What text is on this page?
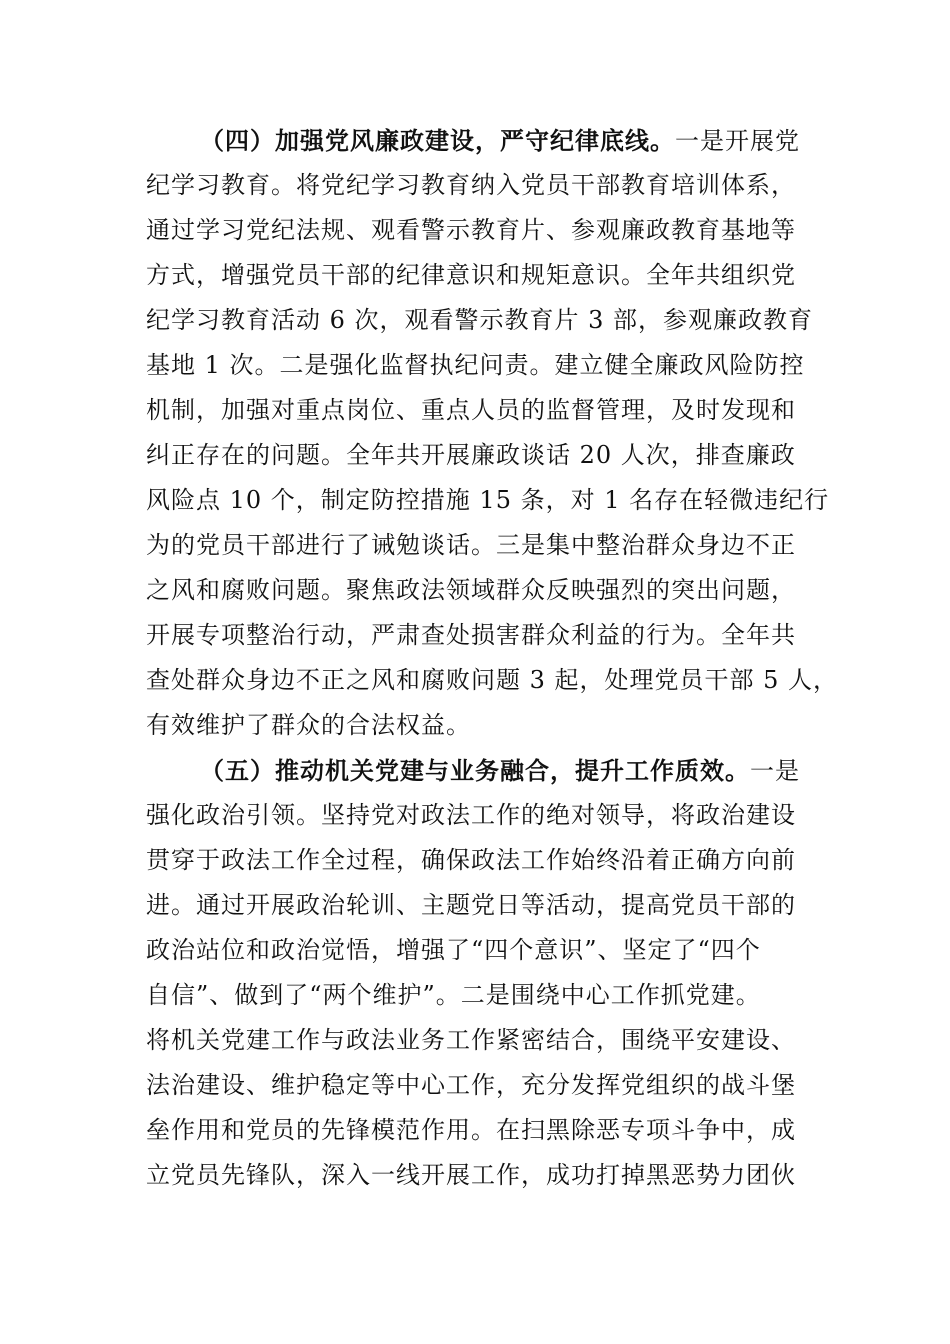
（四）加强党风廉政建设，严守纪律底线。一是开展党
纪学习教育。将党纪学习教育纳入党员干部教育培训体系，
通过学习党纪法规、观看警示教育片、参观廉政教育基地等
方式，增强党员干部的纪律意识和规矩意识。全年共组织党
纪学习教育活动 6 次，观看警示教育片 3 部，参观廉政教育
基地 1 次。二是强化监督执纪问责。建立健全廉政风险防控
机制，加强对重点岗位、重点人员的监督管理，及时发现和
纠正存在的问题。全年共开展廉政谈话 20 人次，排查廉政
风险点 10 个，制定防控措施 15 条，对 1 名存在轻微违纪行
为的党员干部进行了诫勉谈话。三是集中整治群众身边不正
之风和腐败问题。聚焦政法领域群众反映强烈的突出问题，
开展专项整治行动，严肃查处损害群众利益的行为。全年共
查处群众身边不正之风和腐败问题 3 起，处理党员干部 5 人，
有效维护了群众的合法权益。

（五）推动机关党建与业务融合，提升工作质效。一是
强化政治引领。坚持党对政法工作的绝对领导，将政治建设
贯穿于政法工作全过程，确保政法工作始终沿着正确方向前
进。通过开展政治轮训、主题党日等活动，提高党员干部的
政治站位和政治觉悟，增强了“四个意识”、坚定了“四个
自信”、做到了“两个维护”。二是围绕中心工作抓党建。
将机关党建工作与政法业务工作紧密结合，围绕平安建设、
法治建设、维护稳定等中心工作，充分发挥党组织的战斗堡
垒作用和党员的先锋模范作用。在扫黑除恶专项斗争中，成
立党员先锋队，深入一线开展工作，成功打掉黑恶势力团伙
